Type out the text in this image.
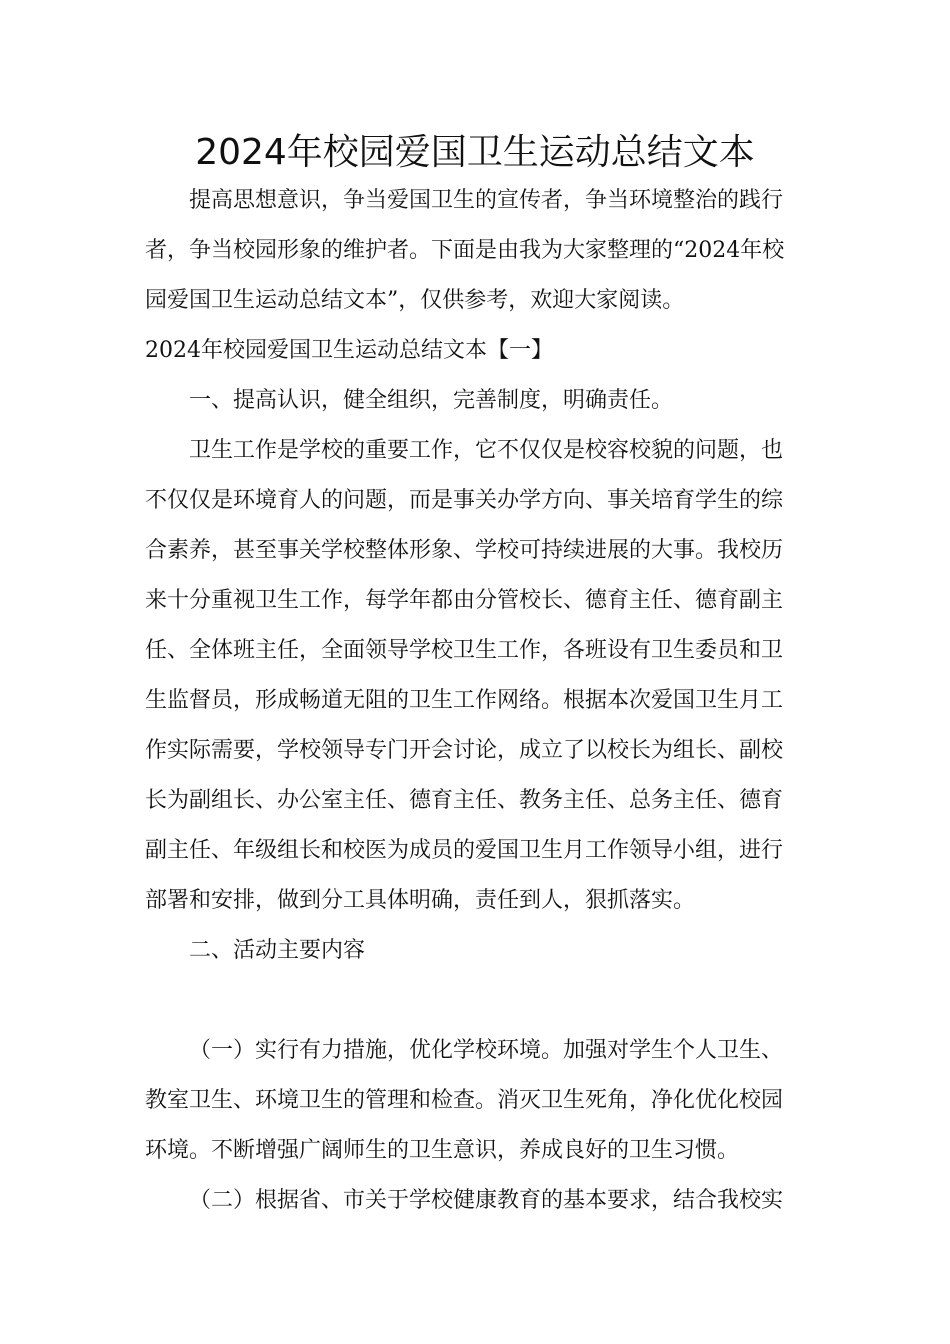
2024年校园爱国卫生运动总结文本

提高思想意识，争当爱国卫生的宣传者，争当环境整治的践行

者，争当校园形象的维护者。下面是由我为大家整理的“2024年校

园爱国卫生运动总结文本”，仅供参考，欢迎大家阅读。

2024年校园爱国卫生运动总结文本【一】

一、提高认识，健全组织，完善制度，明确责任。

卫生工作是学校的重要工作，它不仅仅是校容校貌的问题，也

不仅仅是环境育人的问题，而是事关办学方向、事关培育学生的综

合素养，甚至事关学校整体形象、学校可持续进展的大事。我校历

来十分重视卫生工作，每学年都由分管校长、德育主任、德育副主

任、全体班主任，全面领导学校卫生工作，各班设有卫生委员和卫

生监督员，形成畅道无阻的卫生工作网络。根据本次爱国卫生月工

作实际需要，学校领导专门开会讨论，成立了以校长为组长、副校

长为副组长、办公室主任、德育主任、教务主任、总务主任、德育

副主任、年级组长和校医为成员的爱国卫生月工作领导小组，进行

部署和安排，做到分工具体明确，责任到人，狠抓落实。

二、活动主要内容

（一）实行有力措施，优化学校环境。加强对学生个人卫生、

教室卫生、环境卫生的管理和检查。消灭卫生死角，净化优化校园

环境。不断增强广阔师生的卫生意识，养成良好的卫生习惯。

（二）根据省、市关于学校健康教育的基本要求，结合我校实
